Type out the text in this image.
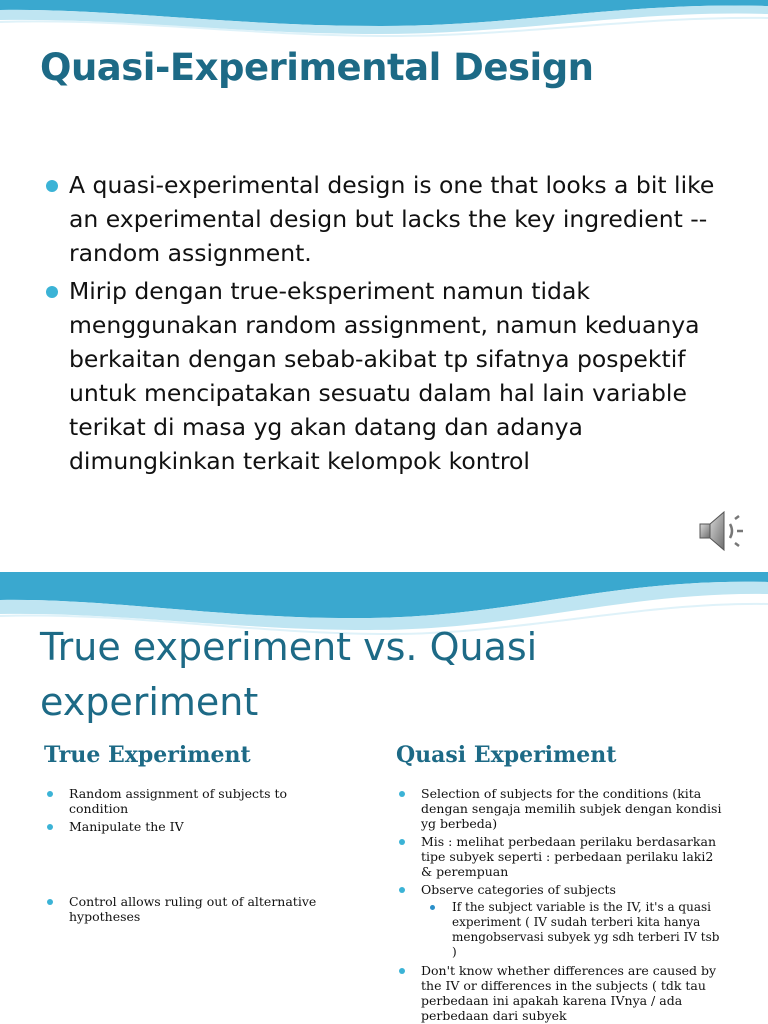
Quasi-Experimental Design
A quasi-experimental design is one that looks a bit like an experimental design but lacks the key ingredient -- random assignment.
Mirip dengan true-eksperiment namun tidak menggunakan random assignment, namun keduanya berkaitan dengan sebab-akibat tp sifatnya pospektif untuk mencipatakan sesuatu dalam hal lain variable terikat di masa yg akan datang dan adanya dimungkinkan terkait kelompok kontrol
True experiment vs. Quasi experiment
True Experiment	Quasi Experiment
Random assignment of subjects to condition
Manipulate the IV
Control allows ruling out of alternative hypotheses
Selection of subjects for the conditions (kita dengan sengaja memilih subjek dengan kondisi yg berbeda)
Mis : melihat perbedaan perilaku berdasarkan tipe subyek seperti : perbedaan perilaku laki2 & perempuan
Observe categories of subjects
If the subject variable is the IV, it's a quasi experiment ( IV sudah terberi kita hanya mengobservasi subyek yg sdh terberi IV tsb )
Don't know whether differences are caused by the IV or differences in the subjects ( tdk tau perbedaan ini apakah karena IVnya / ada perbedaan dari subyek
